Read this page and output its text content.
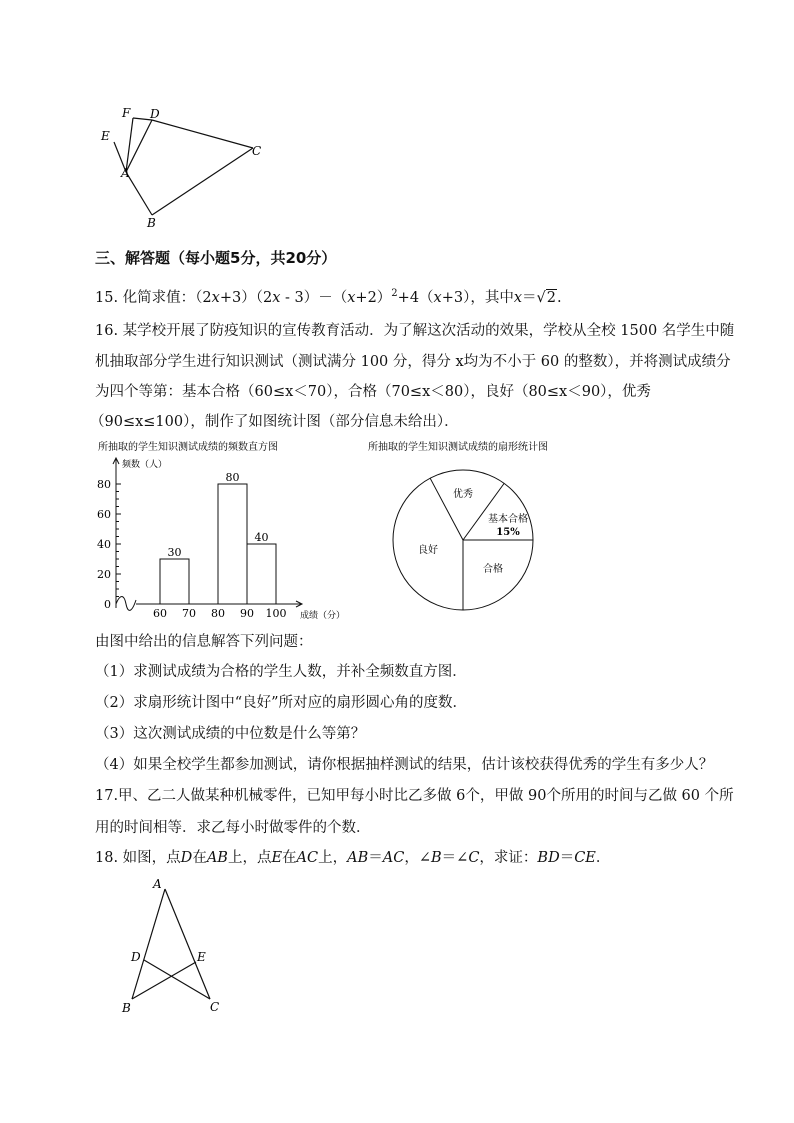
F D
E
A
C
B
三、解答题（每小题5分，共20分）
15. 化简求值：$(2x+3)(2x - 3)-(x+2)^2+4(x+3)$，其中x＝√2.
16. 某学校开展了防疫知识的宣传教育活动．为了解这次活动的效果，学校从全校 1500 名学生中随
机抽取部分学生进行知识测试（测试满分 100 分，得分 x均为不小于 60 的整数），并将测试成绩分
为四个等第：基本合格（60≤x＜70），合格（70≤x＜80），良好（80≤x＜90），优秀
（90≤x≤100），制作了如图统计图（部分信息未给出）．
所抽取的学生知识测试成绩的频数直方图
频数（人）
成绩（分）
30
80
40
0
20
40
60
80
60 70 80 90 100
所抽取的学生知识测试成绩的扇形统计图
优秀
基本合格
15%
合格
良好
由图中给出的信息解答下列问题：
（1）求测试成绩为合格的学生人数，并补全频数直方图．
（2）求扇形统计图中“良好”所对应的扇形圆心角的度数．
（3）这次测试成绩的中位数是什么等第？
（4）如果全校学生都参加测试，请你根据抽样测试的结果，估计该校获得优秀的学生有多少人？
17.甲、乙二人做某种机械零件，已知甲每小时比乙多做 6个，甲做 90个所用的时间与乙做 60 个所
用的时间相等．求乙每小时做零件的个数．
18. 如图，点D在AB上，点E在AC上，AB＝AC，∠B＝∠C，求证：BD＝CE．
A
D	E
B	C
